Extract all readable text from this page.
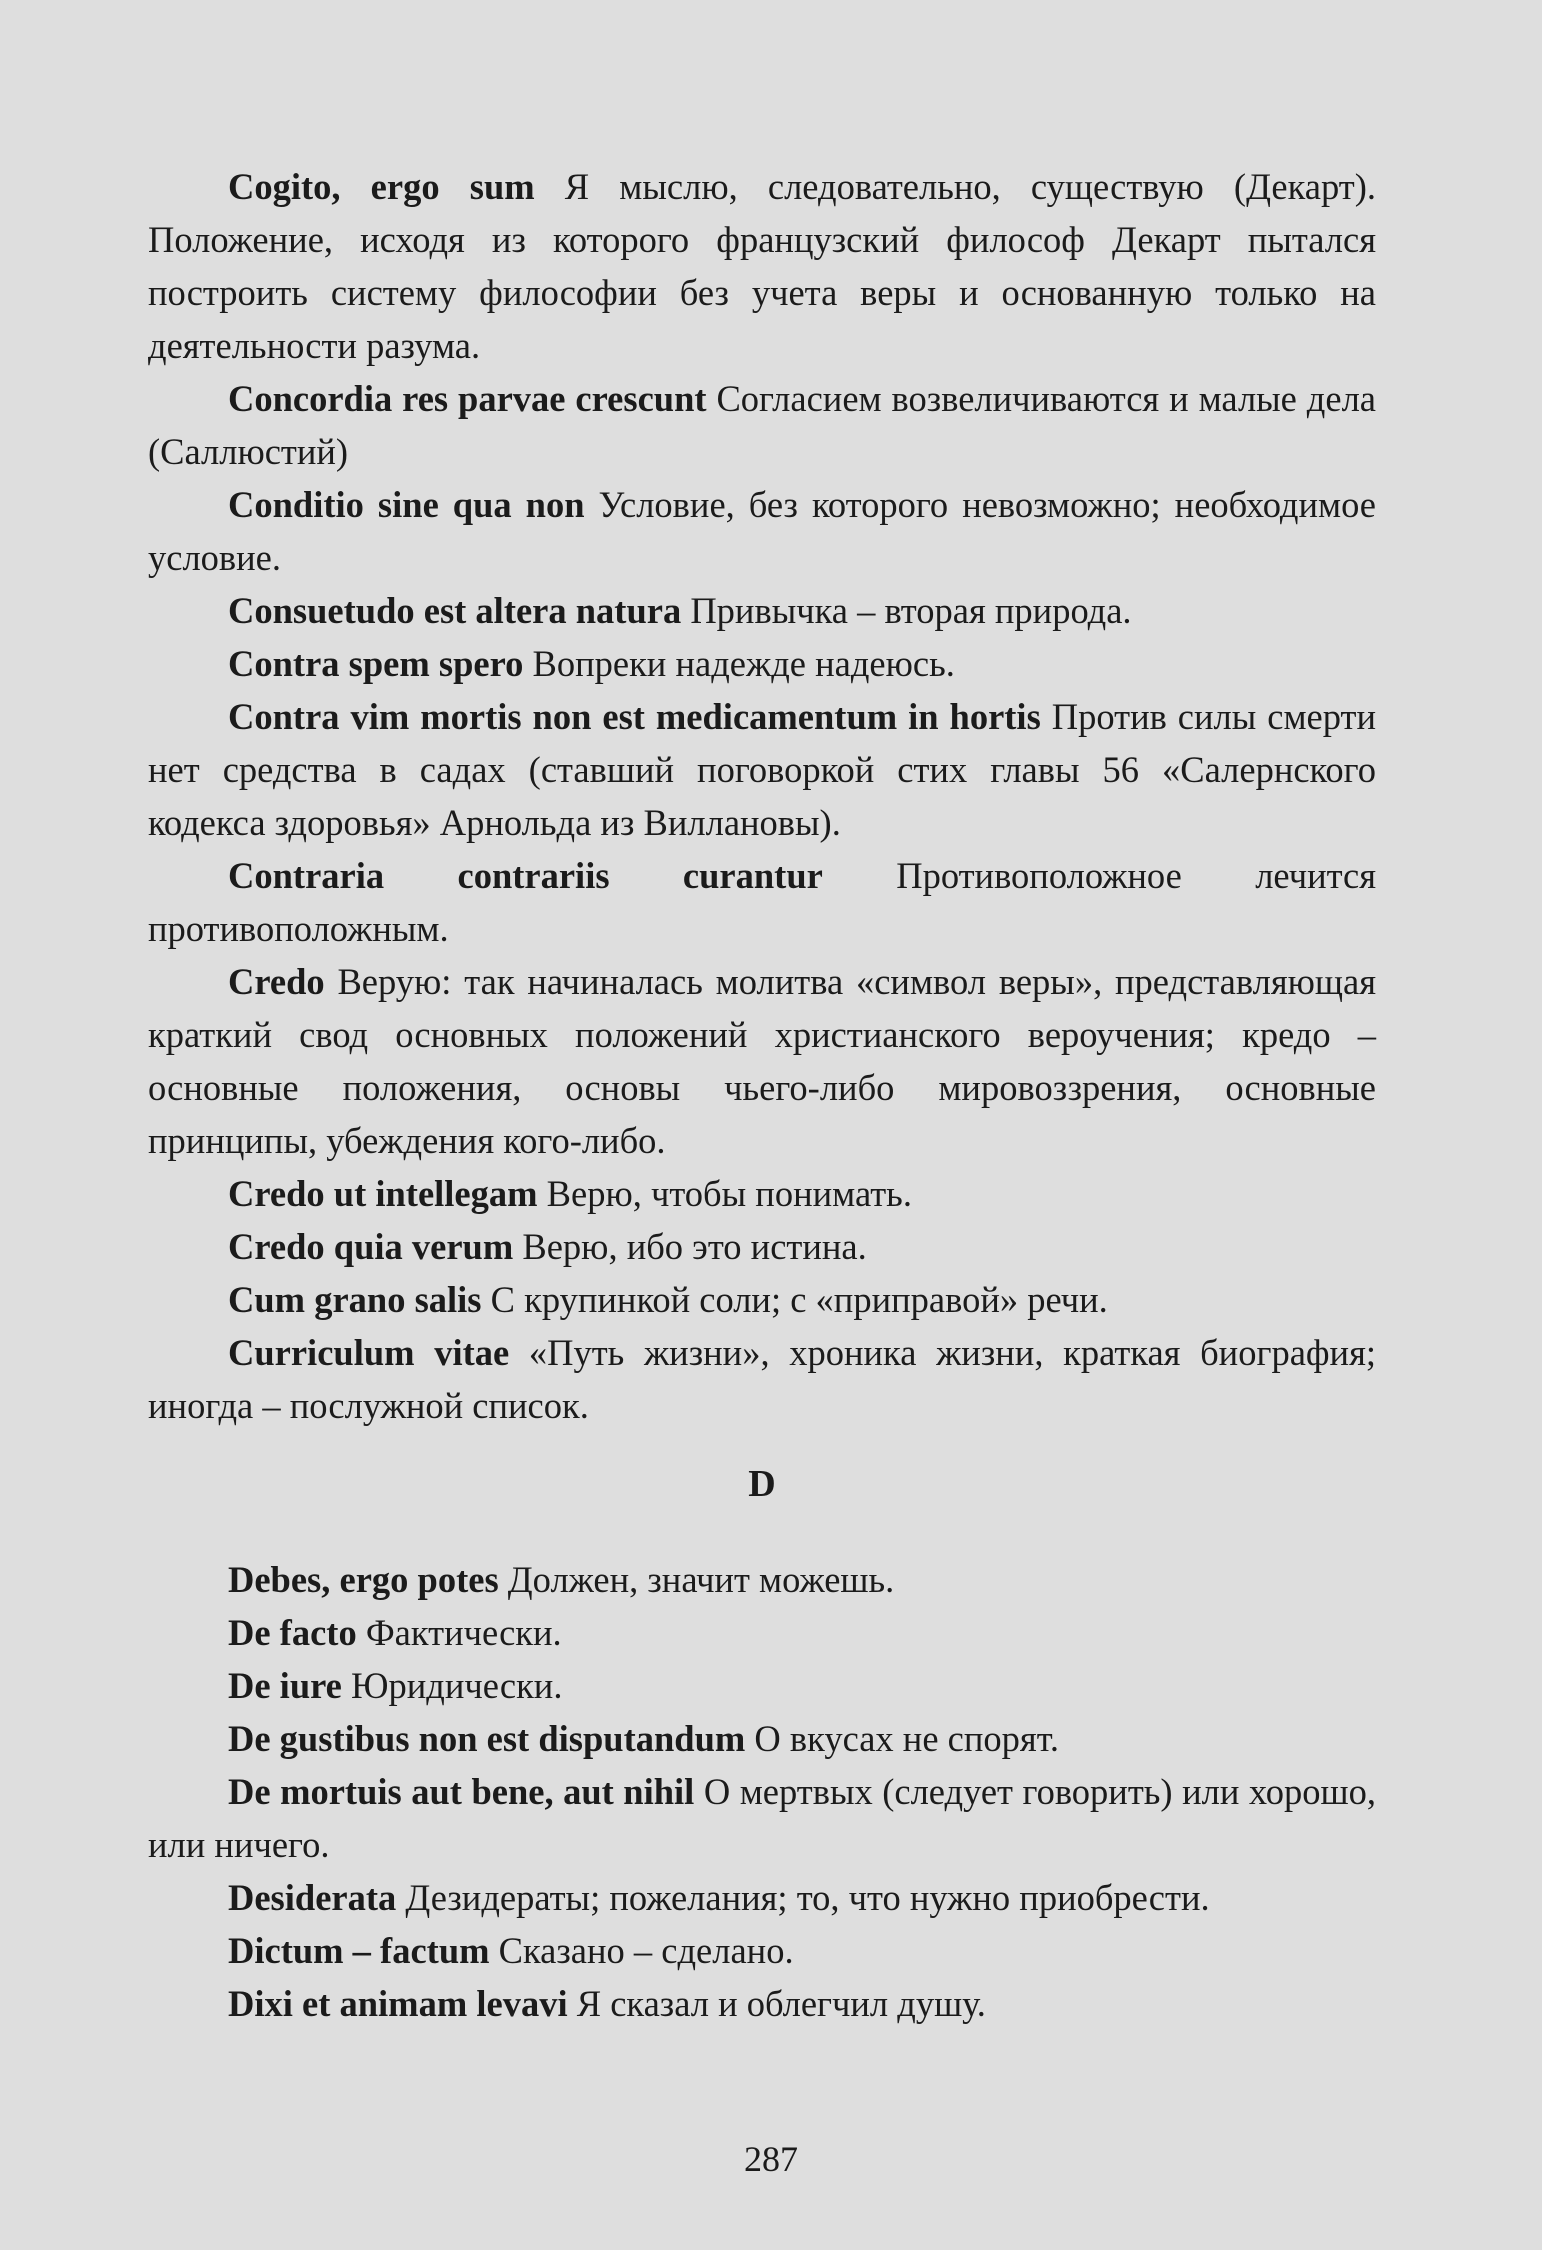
Cogito, ergo sum Я мыслю, следовательно, существую (Декарт). Положение, исходя из которого французский философ Декарт пытался построить систему философии без учета веры и основанную только на деятельности разума.

Concordia res parvae crescunt Согласием возвеличиваются и малые дела (Саллюстий)

Conditio sine qua non Условие, без которого невозможно; необходимое условие.

Consuetudo est altera natura Привычка – вторая природа.

Contra spem spero Вопреки надежде надеюсь.

Contra vim mortis non est medicamentum in hortis Против силы смерти нет средства в садах (ставший поговоркой стих главы 56 «Салернского кодекса здоровья» Арнольда из Виллановы).

Contraria contrariis curantur Противоположное лечится противоположным.

Credo Верую: так начиналась молитва «символ веры», представляющая краткий свод основных положений христианского вероучения; кредо – основные положения, основы чьего-либо мировоззрения, основные принципы, убеждения кого-либо.

Credo ut intellegam Верю, чтобы понимать.

Credo quia verum Верю, ибо это истина.

Cum grano salis С крупинкой соли; с «приправой» речи.

Curriculum vitae «Путь жизни», хроника жизни, краткая биография; иногда – послужной список.

D

Debes, ergo potes Должен, значит можешь.

De facto Фактически.

De iure Юридически.

De gustibus non est disputandum О вкусах не спорят.

De mortuis aut bene, aut nihil О мертвых (следует говорить) или хорошо, или ничего.

Desiderata Дезидераты; пожелания; то, что нужно приобрести.

Dictum – factum Сказано – сделано.

Dixi et animam levavi Я сказал и облегчил душу.

287
